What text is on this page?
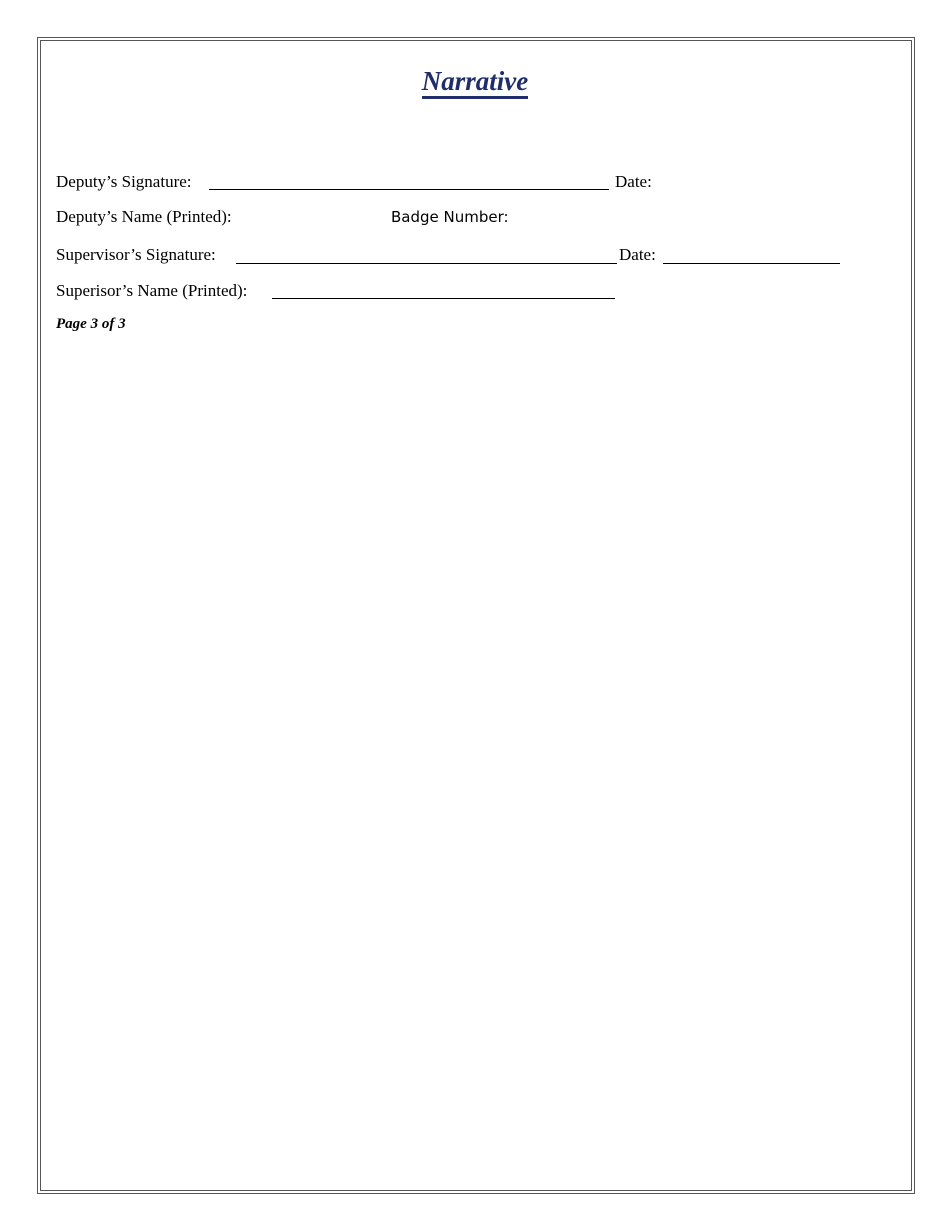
Narrative
Deputy’s Signature:	Date:
Deputy’s Name (Printed):	Badge Number:
Supervisor’s Signature:	Date:
Superisor’s Name (Printed):
Page 3 of 3
